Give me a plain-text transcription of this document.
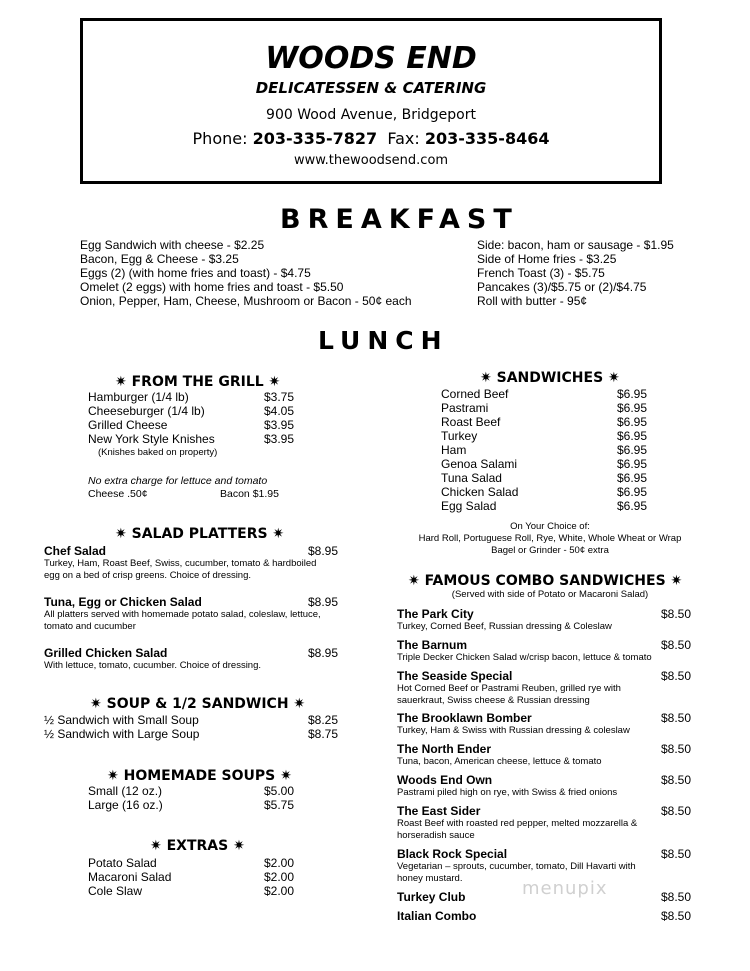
WOODS END
DELICATESSEN & CATERING
900 Wood Avenue, Bridgeport
Phone: 203-335-7827 Fax: 203-335-8464
www.thewoodsend.com
BREAKFAST
Egg Sandwich with cheese - $2.25
Bacon, Egg & Cheese - $3.25
Eggs (2) (with home fries and toast) - $4.75
Omelet (2 eggs) with home fries and toast - $5.50
Onion, Pepper, Ham, Cheese, Mushroom or Bacon - 50¢ each
Side: bacon, ham or sausage - $1.95
Side of Home fries - $3.25
French Toast (3) - $5.75
Pancakes (3)/$5.75 or (2)/$4.75
Roll with butter - 95¢
LUNCH
✷ FROM THE GRILL ✷
Hamburger (1/4 lb)	$3.75
Cheeseburger (1/4 lb)	$4.05
Grilled Cheese	$3.95
New York Style Knishes	$3.95
(Knishes baked on property)
No extra charge for lettuce and tomato
Cheese .50¢	Bacon $1.95
✷ SALAD PLATTERS ✷
Chef Salad	$8.95
Turkey, Ham, Roast Beef, Swiss, cucumber, tomato & hardboiled
egg on a bed of crisp greens. Choice of dressing.
Tuna, Egg or Chicken Salad	$8.95
All platters served with homemade potato salad, coleslaw, lettuce,
tomato and cucumber
Grilled Chicken Salad	$8.95
With lettuce, tomato, cucumber. Choice of dressing.
✷ SOUP & 1/2 SANDWICH ✷
½ Sandwich with Small Soup	$8.25
½ Sandwich with Large Soup	$8.75
✷ HOMEMADE SOUPS ✷
Small (12 oz.)	$5.00
Large (16 oz.)	$5.75
✷ EXTRAS ✷
Potato Salad	$2.00
Macaroni Salad	$2.00
Cole Slaw	$2.00
✷ SANDWICHES ✷
Corned Beef	$6.95
Pastrami	$6.95
Roast Beef	$6.95
Turkey	$6.95
Ham	$6.95
Genoa Salami	$6.95
Tuna Salad	$6.95
Chicken Salad	$6.95
Egg Salad	$6.95
On Your Choice of:
Hard Roll, Portuguese Roll, Rye, White, Whole Wheat or Wrap
Bagel or Grinder - 50¢ extra
✷ FAMOUS COMBO SANDWICHES ✷
(Served with side of Potato or Macaroni Salad)
The Park City	$8.50
Turkey, Corned Beef, Russian dressing & Coleslaw
The Barnum	$8.50
Triple Decker Chicken Salad w/crisp bacon, lettuce & tomato
The Seaside Special	$8.50
Hot Corned Beef or Pastrami Reuben, grilled rye with
sauerkraut, Swiss cheese & Russian dressing
The Brooklawn Bomber	$8.50
Turkey, Ham & Swiss with Russian dressing & coleslaw
The North Ender	$8.50
Tuna, bacon, American cheese, lettuce & tomato
Woods End Own	$8.50
Pastrami piled high on rye, with Swiss & fried onions
The East Sider	$8.50
Roast Beef with roasted red pepper, melted mozzarella &
horseradish sauce
Black Rock Special	$8.50
Vegetarian – sprouts, cucumber, tomato, Dill Havarti with
honey mustard.
Turkey Club	$8.50
Italian Combo	$8.50
menupix
